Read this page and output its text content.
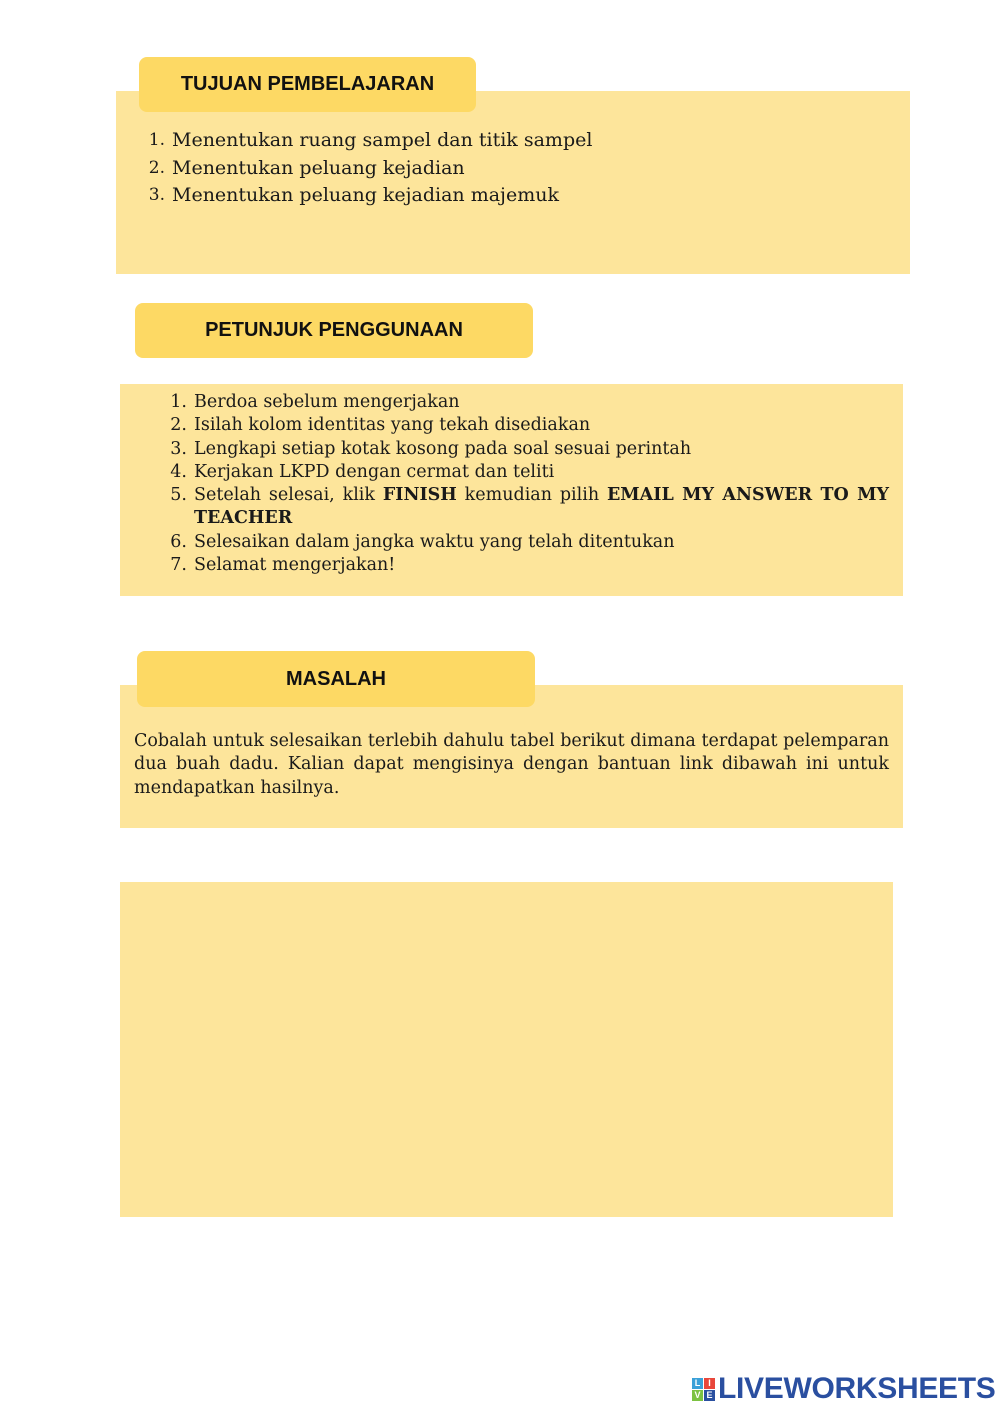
TUJUAN PEMBELAJARAN
1. Menentukan ruang sampel dan titik sampel
2. Menentukan peluang kejadian
3. Menentukan peluang kejadian majemuk
PETUNJUK PENGGUNAAN
1. Berdoa sebelum mengerjakan
2. Isilah kolom identitas yang tekah disediakan
3. Lengkapi setiap kotak kosong pada soal sesuai perintah
4. Kerjakan LKPD dengan cermat dan teliti
5. Setelah selesai, klik FINISH kemudian pilih EMAIL MY ANSWER TO MY TEACHER
6. Selesaikan dalam jangka waktu yang telah ditentukan
7. Selamat mengerjakan!
MASALAH
Cobalah untuk selesaikan terlebih dahulu tabel berikut dimana terdapat pelemparan dua buah dadu. Kalian dapat mengisinya dengan bantuan link dibawah ini untuk mendapatkan hasilnya.
L I
V E LIVEWORKSHEETS
